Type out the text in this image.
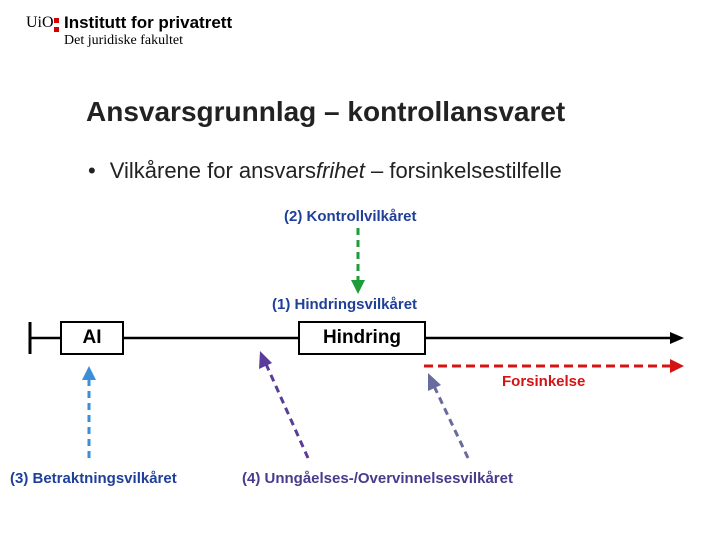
UiO Institutt for privatrett
Det juridiske fakultet
Ansvarsgrunnlag – kontrollansvaret
• Vilkårene for ansvarsfrihet – forsinkelsestilfelle
(2) Kontrollvilkåret
(1) Hindringsvilkåret
AI	Hindring
Forsinkelse
(3) Betraktningsvilkåret	(4) Unngåelses-/Overvinnelsesvilkåret
